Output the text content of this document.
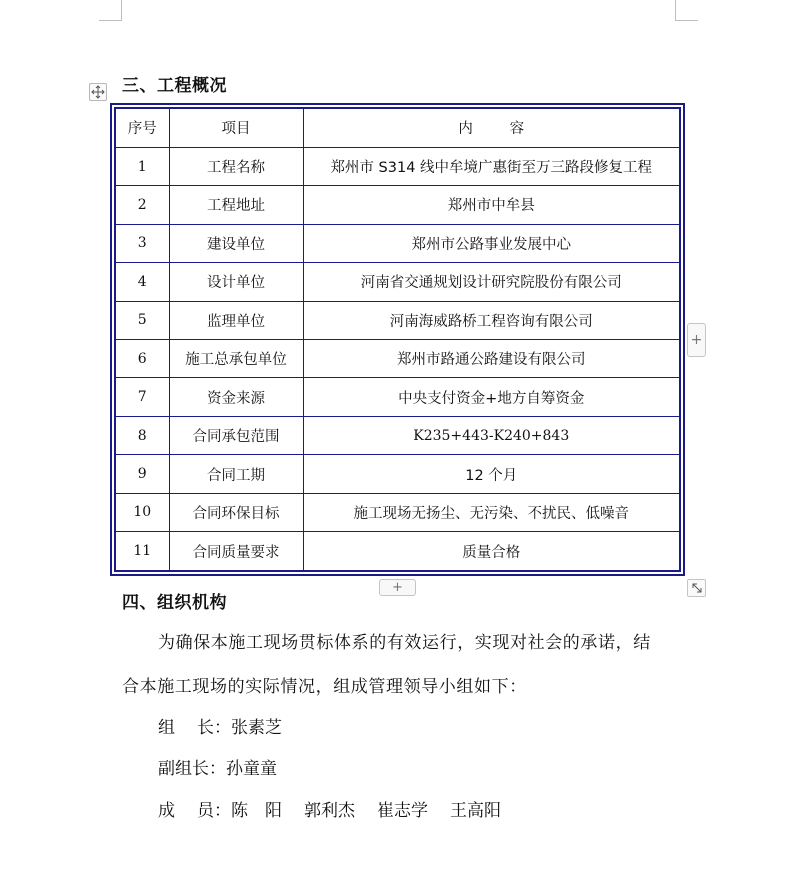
三、工程概况
序号	项目	内        容
1	工程名称	郑州市 S314 线中牟境广惠街至万三路段修复工程
2	工程地址	郑州市中牟县
3	建设单位	郑州市公路事业发展中心
4	设计单位	河南省交通规划设计研究院股份有限公司
5	监理单位	河南海威路桥工程咨询有限公司
6	施工总承包单位	郑州市路通公路建设有限公司
7	资金来源	中央支付资金+地方自筹资金
8	合同承包范围	K235+443-K240+843
9	合同工期	12 个月
10	合同环保目标	施工现场无扬尘、无污染、不扰民、低噪音
11	合同质量要求	质量合格
+
+
四、组织机构
为确保本施工现场贯标体系的有效运行，实现对社会的承诺，结
合本施工现场的实际情况，组成管理领导小组如下：
组 长：张素芝
副组长：孙童童
成 员：陈　阳 郭利杰 崔志学 王高阳
